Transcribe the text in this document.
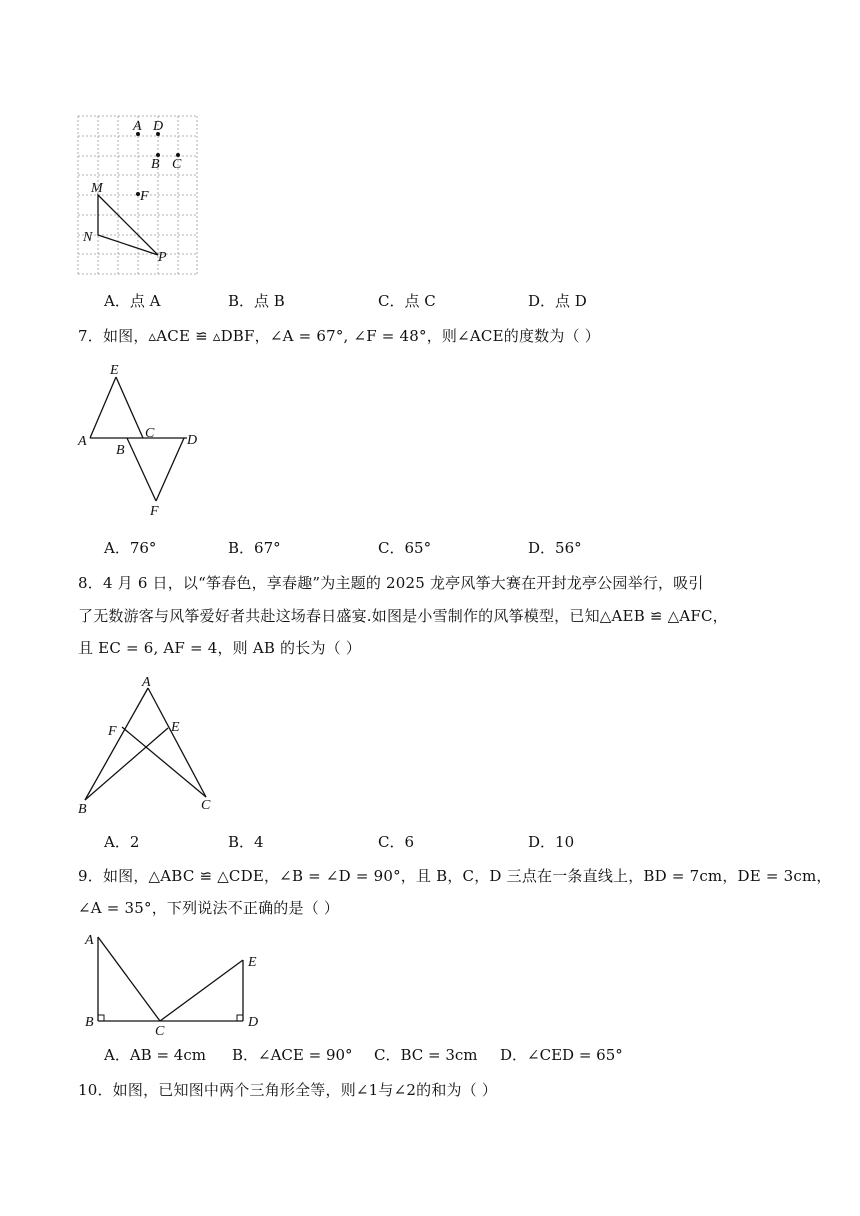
A D
B C
M
F
N
P
A．点 A	B．点 B	C．点 C	D．点 D
7．如图，▵ACE ≌ ▵DBF，∠A = 67°, ∠F = 48°，则∠ACE的度数为（ ）
E
A
B
C D
F
A．76°	B．67°	C．65°	D．56°
8．4 月 6 日，以“筝春色，享春趣”为主题的 2025 龙亭风筝大赛在开封龙亭公园举行，吸引
了无数游客与风筝爱好者共赴这场春日盛宴.如图是小雪制作的风筝模型，已知△AEB ≌ △AFC，
且 EC = 6, AF = 4，则 AB 的长为（ ）
A
F	E
B	C
A．2	B．4	C．6	D．10
9．如图，△ABC ≌ △CDE，∠B = ∠D = 90°，且 B，C，D 三点在一条直线上，BD = 7cm，DE = 3cm，
∠A = 35°，下列说法不正确的是（ ）
A
E
B
C
D
A．AB = 4cm B．∠ACE = 90° C．BC = 3cm D．∠CED = 65°
10．如图，已知图中两个三角形全等，则∠1与∠2的和为（ ）
